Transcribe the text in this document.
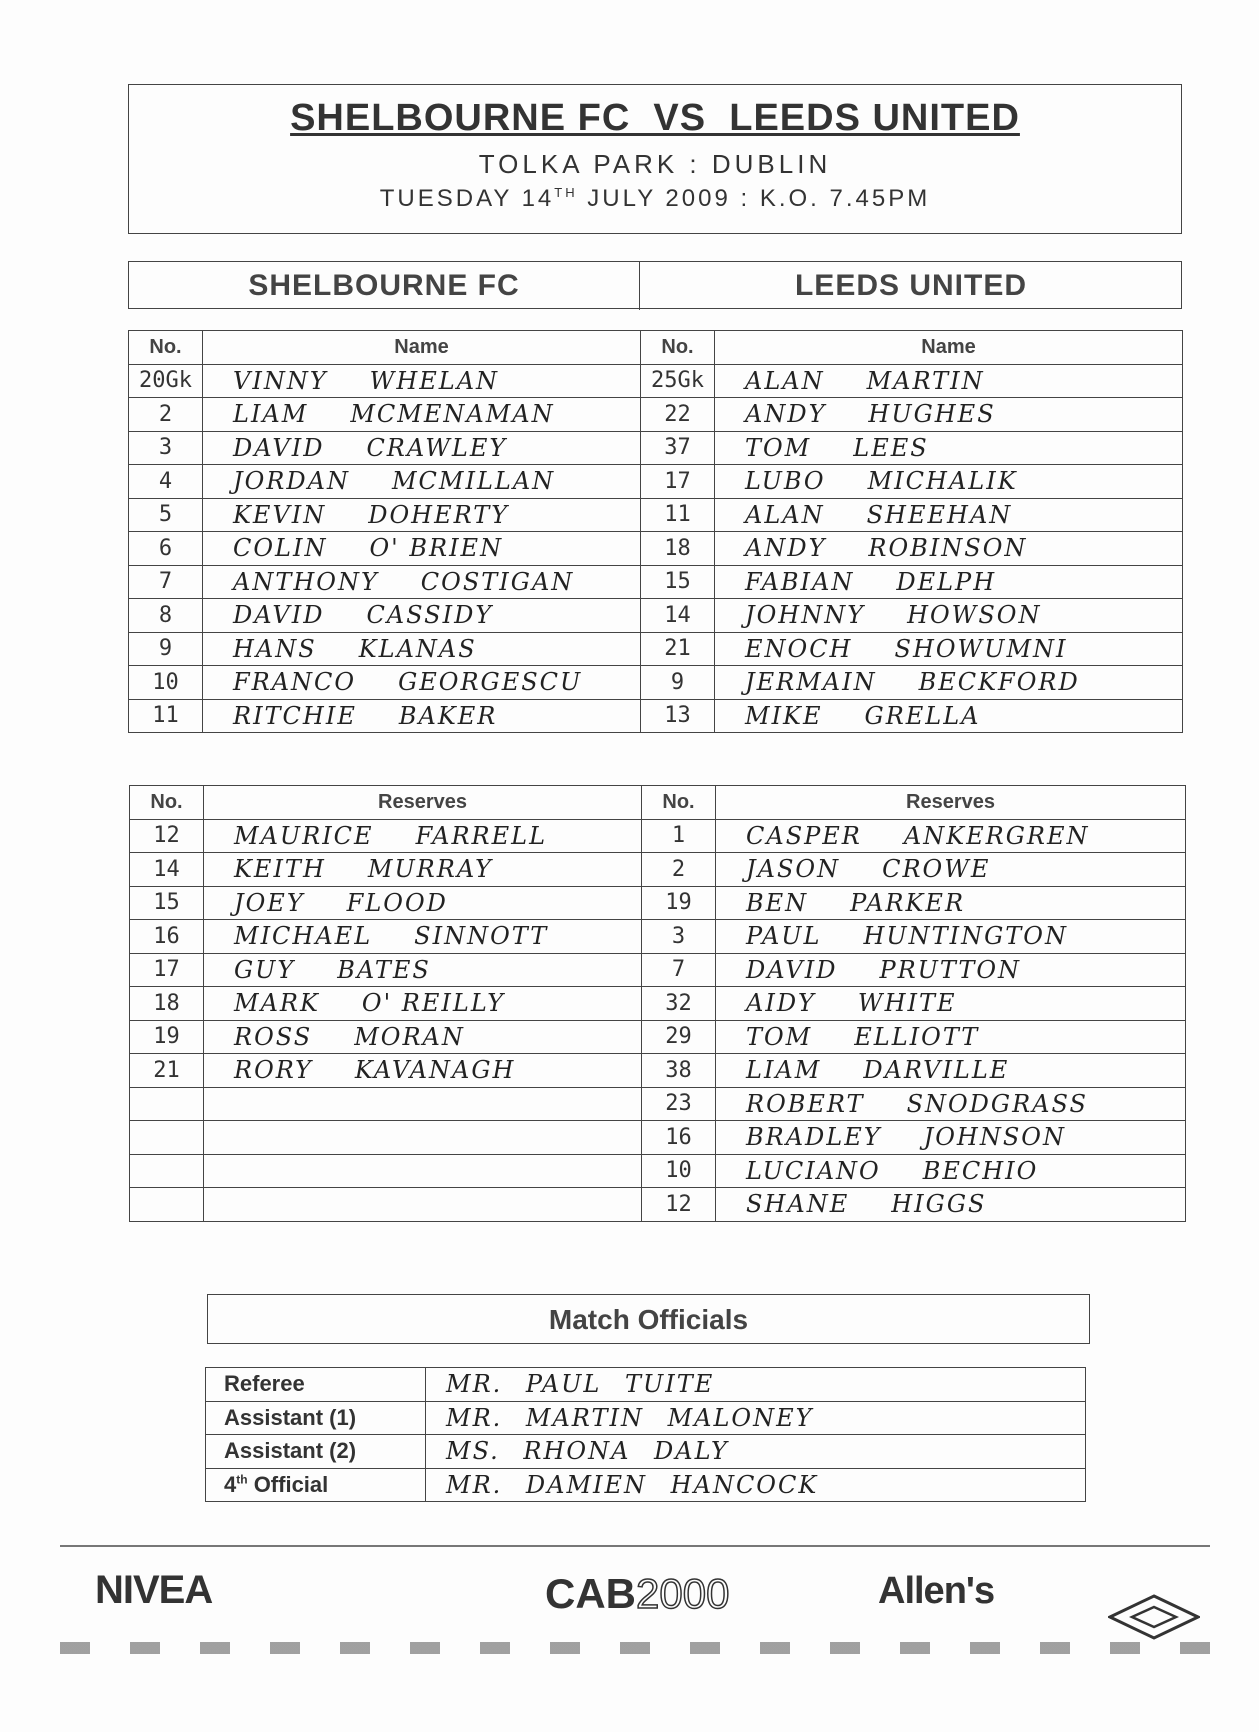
SHELBOURNE FC  VS  LEEDS UNITED
TOLKA PARK : DUBLIN
TUESDAY 14TH JULY 2009 : K.O. 7.45PM
SHELBOURNE FC	LEEDS UNITED
No.	Name	No.	Name
20Gk	VINNY WHELAN	25Gk	ALAN MARTIN
2	LIAM MCMENAMAN	22	ANDY HUGHES
3	DAVID CRAWLEY	37	TOM LEES
4	JORDAN MCMILLAN	17	LUBO MICHALIK
5	KEVIN DOHERTY	11	ALAN SHEEHAN
6	COLIN O' BRIEN	18	ANDY ROBINSON
7	ANTHONY COSTIGAN	15	FABIAN DELPH
8	DAVID CASSIDY	14	JOHNNY HOWSON
9	HANS KLANAS	21	ENOCH SHOWUMNI
10	FRANCO GEORGESCU	9	JERMAIN BECKFORD
11	RITCHIE BAKER	13	MIKE GRELLA
No.	Reserves	No.	Reserves
12	MAURICE FARRELL	1	CASPER ANKERGREN
14	KEITH MURRAY	2	JASON CROWE
15	JOEY FLOOD	19	BEN PARKER
16	MICHAEL SINNOTT	3	PAUL HUNTINGTON
17	GUY BATES	7	DAVID PRUTTON
18	MARK O' REILLY	32	AIDY WHITE
19	ROSS MORAN	29	TOM ELLIOTT
21	RORY KAVANAGH	38	LIAM DARVILLE
		23	ROBERT SNODGRASS
		16	BRADLEY JOHNSON
		10	LUCIANO BECHIO
		12	SHANE HIGGS
Match Officials
Referee	MR. PAUL TUITE
Assistant (1)	MR. MARTIN MALONEY
Assistant (2)	MS. RHONA DALY
4th Official	MR. DAMIEN HANCOCK
NIVEA	CAB2000	Allen's
